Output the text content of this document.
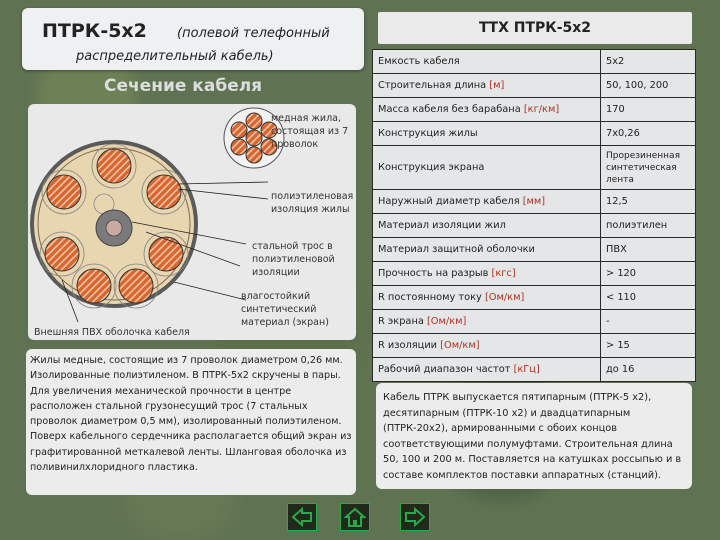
ПТРК-5х2 (полевой телефонный
распределительный кабель)
Сечение кабеля
медная жила, состоящая из 7 проволок
полиэтиленовая изоляция жилы
стальной трос в полиэтиленовой изоляции
влагостойкий синтетический материал (экран)
Внешняя ПВХ оболочка кабеля
Жилы медные, состоящие из 7 проволок диаметром 0,26 мм. Изолированные полиэтиленом. В ПТРК-5х2 скручены в пары. Для увеличения механической прочности в центре расположен стальной грузонесущий трос (7 стальных проволок диаметром 0,5 мм), изолированный полиэтиленом. Поверх кабельного сердечника располагается общий экран из графитированной меткалевой ленты. Шланговая оболочка из поливинилхлоридного пластика.
ТТХ ПТРК-5х2
Емкость кабеля	5х2
Строительная длина [м]	50, 100, 200
Масса кабеля без барабана [кг/км]	170
Конструкция жилы	7х0,26
Конструкция экрана	Прорезиненная синтетическая лента
Наружный диаметр кабеля [мм]	12,5
Материал изоляции жил	полиэтилен
Материал защитной оболочки	ПВХ
Прочность на разрыв [кгс]	> 120
R постоянному току [Ом/км]	< 110
R экрана [Ом/км]	-
R изоляции [Ом/км]	> 15
Рабочий диапазон частот [кГц]	до 16
Кабель ПТРК выпускается пятипарным (ПТРК-5 х2), десятипарным (ПТРК-10 х2) и двадцатипарным (ПТРК-20х2), армированными с обоих концов соответствующими полумуфтами. Строительная длина 50, 100 и 200 м. Поставляется на катушках россыпью и в составе комплектов поставки аппаратных (станций).
